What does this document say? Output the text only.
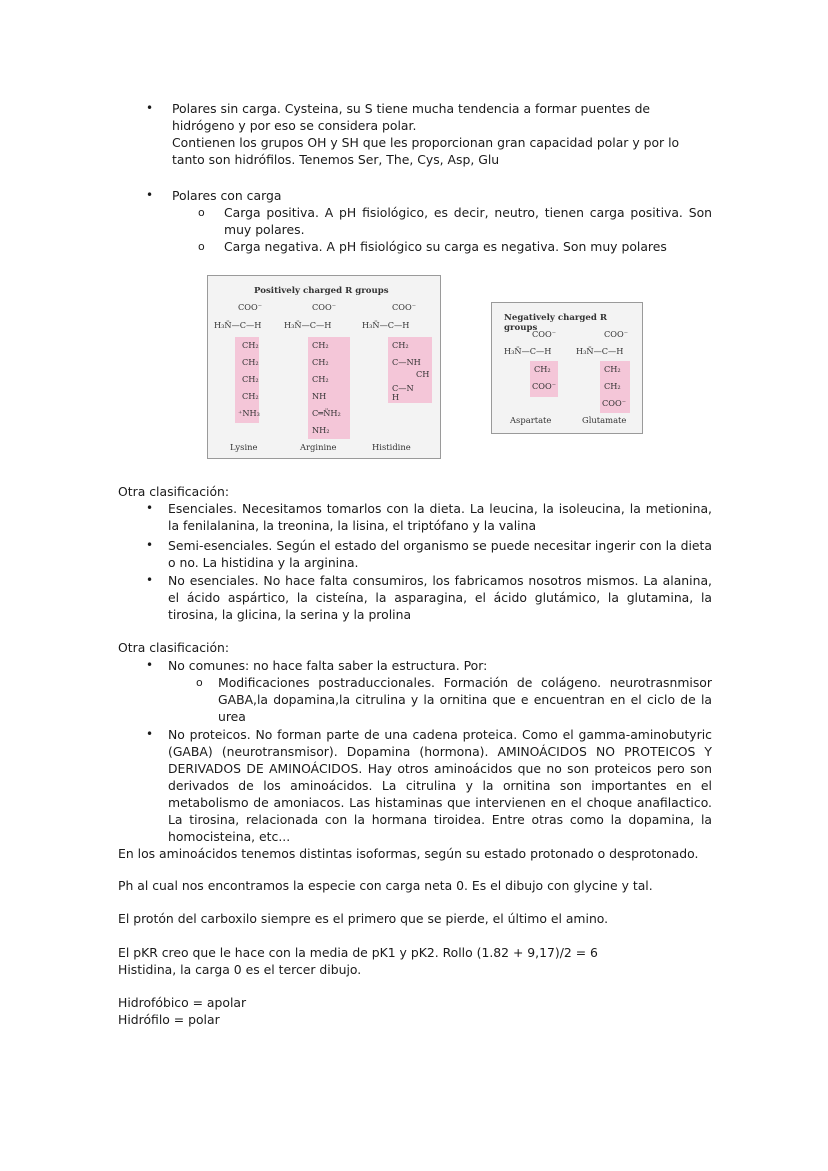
•	Polares sin carga. Cysteina, su S tiene mucha tendencia a formar puentes de hidrógeno y por eso se considera polar.

Contienen los grupos OH y SH que les proporcionan gran capacidad polar y por lo tanto son hidrófilos. Tenemos Ser, The, Cys, Asp, Glu

•	Polares con carga

o	Carga positiva. A pH fisiológico, es decir, neutro, tienen carga positiva. Son muy polares.

o	Carga negativa. A pH fisiológico su carga es negativa. Son muy polares

Positively charged R groups
COO⁻
H₃N̈—C—H
CH₂
CH₂
CH₂
CH₂
⁺NH₃
COO⁻
H₃N̈—C—H
CH₂
CH₂
CH₂
NH
C═N̈H₂
NH₂
COO⁻
H₃N̈—C—H
CH₂
C—NH
CH
C—N
H
Lysine	Arginine	Histidine
Negatively charged R groups
COO⁻
H₃N̈—C—H
CH₂
COO⁻
COO⁻
H₃N̈—C—H
CH₂
CH₂
COO⁻
Aspartate	Glutamate

Otra clasificación:

•	Esenciales. Necesitamos tomarlos con la dieta. La leucina, la isoleucina, la metionina, la fenilalanina, la treonina, la lisina, el triptófano y la valina

•	Semi-esenciales. Según el estado del organismo se puede necesitar ingerir con la dieta o no. La histidina y la arginina.

•	No esenciales. No hace falta consumiros, los fabricamos nosotros mismos. La alanina, el ácido aspártico, la cisteína, la asparagina, el ácido glutámico, la glutamina, la tirosina, la glicina, la serina y la prolina

Otra clasificación:

•	No comunes: no hace falta saber la estructura. Por:

o	Modificaciones postraduccionales. Formación de colágeno. neurotrasnmisor GABA,la dopamina,la citrulina y la ornitina que e encuentran en el ciclo de la urea

•	No proteicos. No forman parte de una cadena proteica. Como el gamma-aminobutyric (GABA) (neurotransmisor). Dopamina (hormona). AMINOÁCIDOS NO PROTEICOS Y DERIVADOS DE AMINOÁCIDOS. Hay otros aminoácidos que no son proteicos pero son derivados de los aminoácidos. La citrulina y la ornitina son importantes en el metabolismo de amoniacos. Las histaminas que intervienen en el choque anafilactico. La tirosina, relacionada con la hormana tiroidea. Entre otras como la dopamina, la homocisteina, etc...

En los aminoácidos tenemos distintas isoformas, según su estado protonado o desprotonado.

Ph al cual nos encontramos la especie con carga neta 0. Es el dibujo con glycine y tal.

El protón del carboxilo siempre es el primero que se pierde, el último el amino.

El pKR creo que le hace con la media de pK1 y pK2. Rollo (1.82 + 9,17)/2 = 6

Histidina, la carga 0 es el tercer dibujo.

Hidrofóbico = apolar

Hidrófilo = polar
